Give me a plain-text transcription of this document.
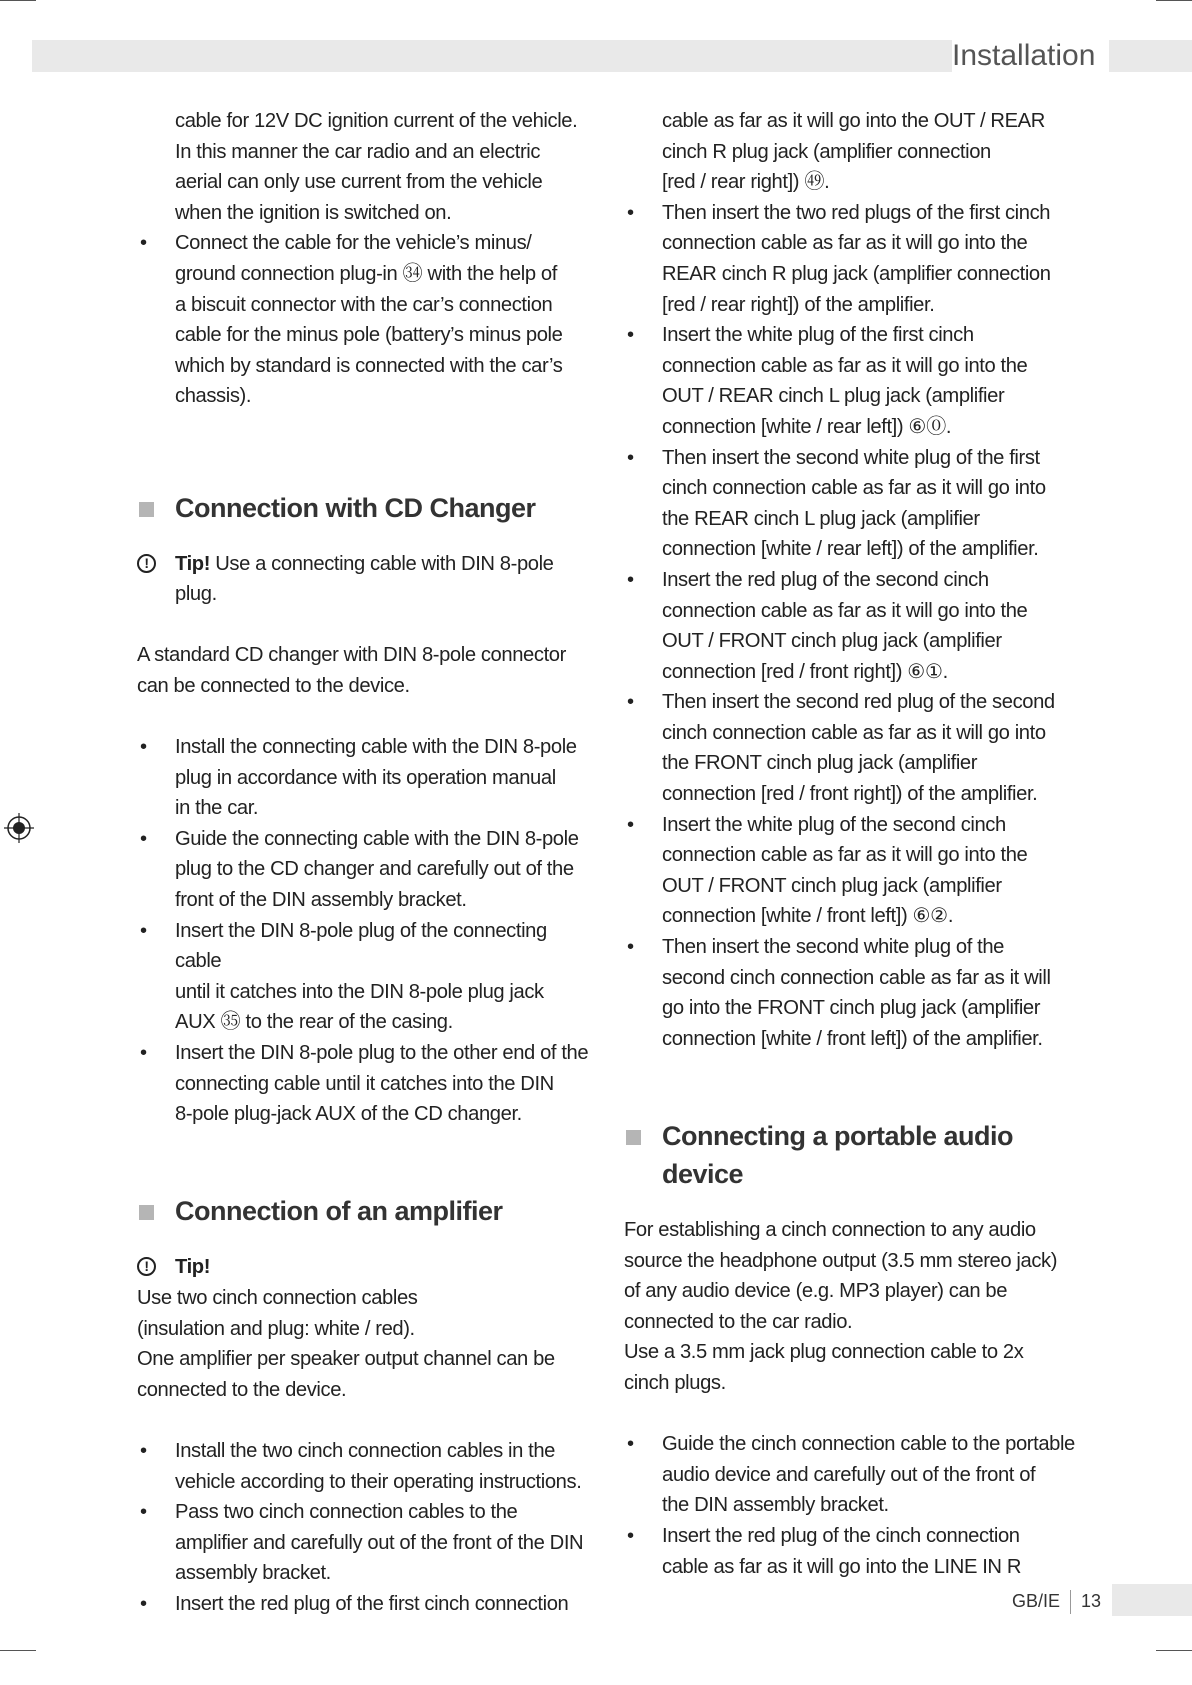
Installation
cable for 12V DC ignition current of the vehicle.
In this manner the car radio and an electric
aerial can only use current from the vehicle
when the ignition is switched on.
• Connect the cable for the vehicle’s minus/
ground connection plug-in ㉞ with the help of
a biscuit connector with the car’s connection
cable for the minus pole (battery’s minus pole
which by standard is connected with the car’s
chassis).
Connection with CD Changer
!	Tip! Use a connecting cable with DIN 8-pole plug.
A standard CD changer with DIN 8-pole connector
can be connected to the device.
• Install the connecting cable with the DIN 8-pole
plug in accordance with its operation manual
in the car.
• Guide the connecting cable with the DIN 8-pole
plug to the CD changer and carefully out of the
front of the DIN assembly bracket.
• Insert the DIN 8-pole plug of the connecting cable
until it catches into the DIN 8-pole plug jack
AUX ㉟ to the rear of the casing.
• Insert the DIN 8-pole plug to the other end of the
connecting cable until it catches into the DIN
8-pole plug-jack AUX of the CD changer.
Connection of an amplifier
!	Tip!
Use two cinch connection cables
(insulation and plug: white / red).
One amplifier per speaker output channel can be
connected to the device.
• Install the two cinch connection cables in the
vehicle according to their operating instructions.
• Pass two cinch connection cables to the
amplifier and carefully out of the front of the DIN
assembly bracket.
• Insert the red plug of the first cinch connection
cable as far as it will go into the OUT / REAR
cinch R plug jack (amplifier connection
[red / rear right]) ㊾.
• Then insert the two red plugs of the first cinch
connection cable as far as it will go into the
REAR cinch R plug jack (amplifier connection
[red / rear right]) of the amplifier.
• Insert the white plug of the first cinch
connection cable as far as it will go into the
OUT / REAR cinch L plug jack (amplifier
connection [white / rear left]) ⑥⓪.
• Then insert the second white plug of the first
cinch connection cable as far as it will go into
the REAR cinch L plug jack (amplifier
connection [white / rear left]) of the amplifier.
• Insert the red plug of the second cinch
connection cable as far as it will go into the
OUT / FRONT cinch plug jack (amplifier
connection [red / front right]) ⑥①.
• Then insert the second red plug of the second
cinch connection cable as far as it will go into
the FRONT cinch plug jack (amplifier
connection [red / front right]) of the amplifier.
• Insert the white plug of the second cinch
connection cable as far as it will go into the
OUT / FRONT cinch plug jack (amplifier
connection [white / front left]) ⑥②.
• Then insert the second white plug of the
second cinch connection cable as far as it will
go into the FRONT cinch plug jack (amplifier
connection [white / front left]) of the amplifier.
Connecting a portable audio device
For establishing a cinch connection to any audio
source the headphone output (3.5 mm stereo jack)
of any audio device (e.g. MP3 player) can be
connected to the car radio.
Use a 3.5 mm jack plug connection cable to 2x
cinch plugs.
• Guide the cinch connection cable to the portable
audio device and carefully out of the front of
the DIN assembly bracket.
• Insert the red plug of the cinch connection
cable as far as it will go into the LINE IN R
GB/IE 13
